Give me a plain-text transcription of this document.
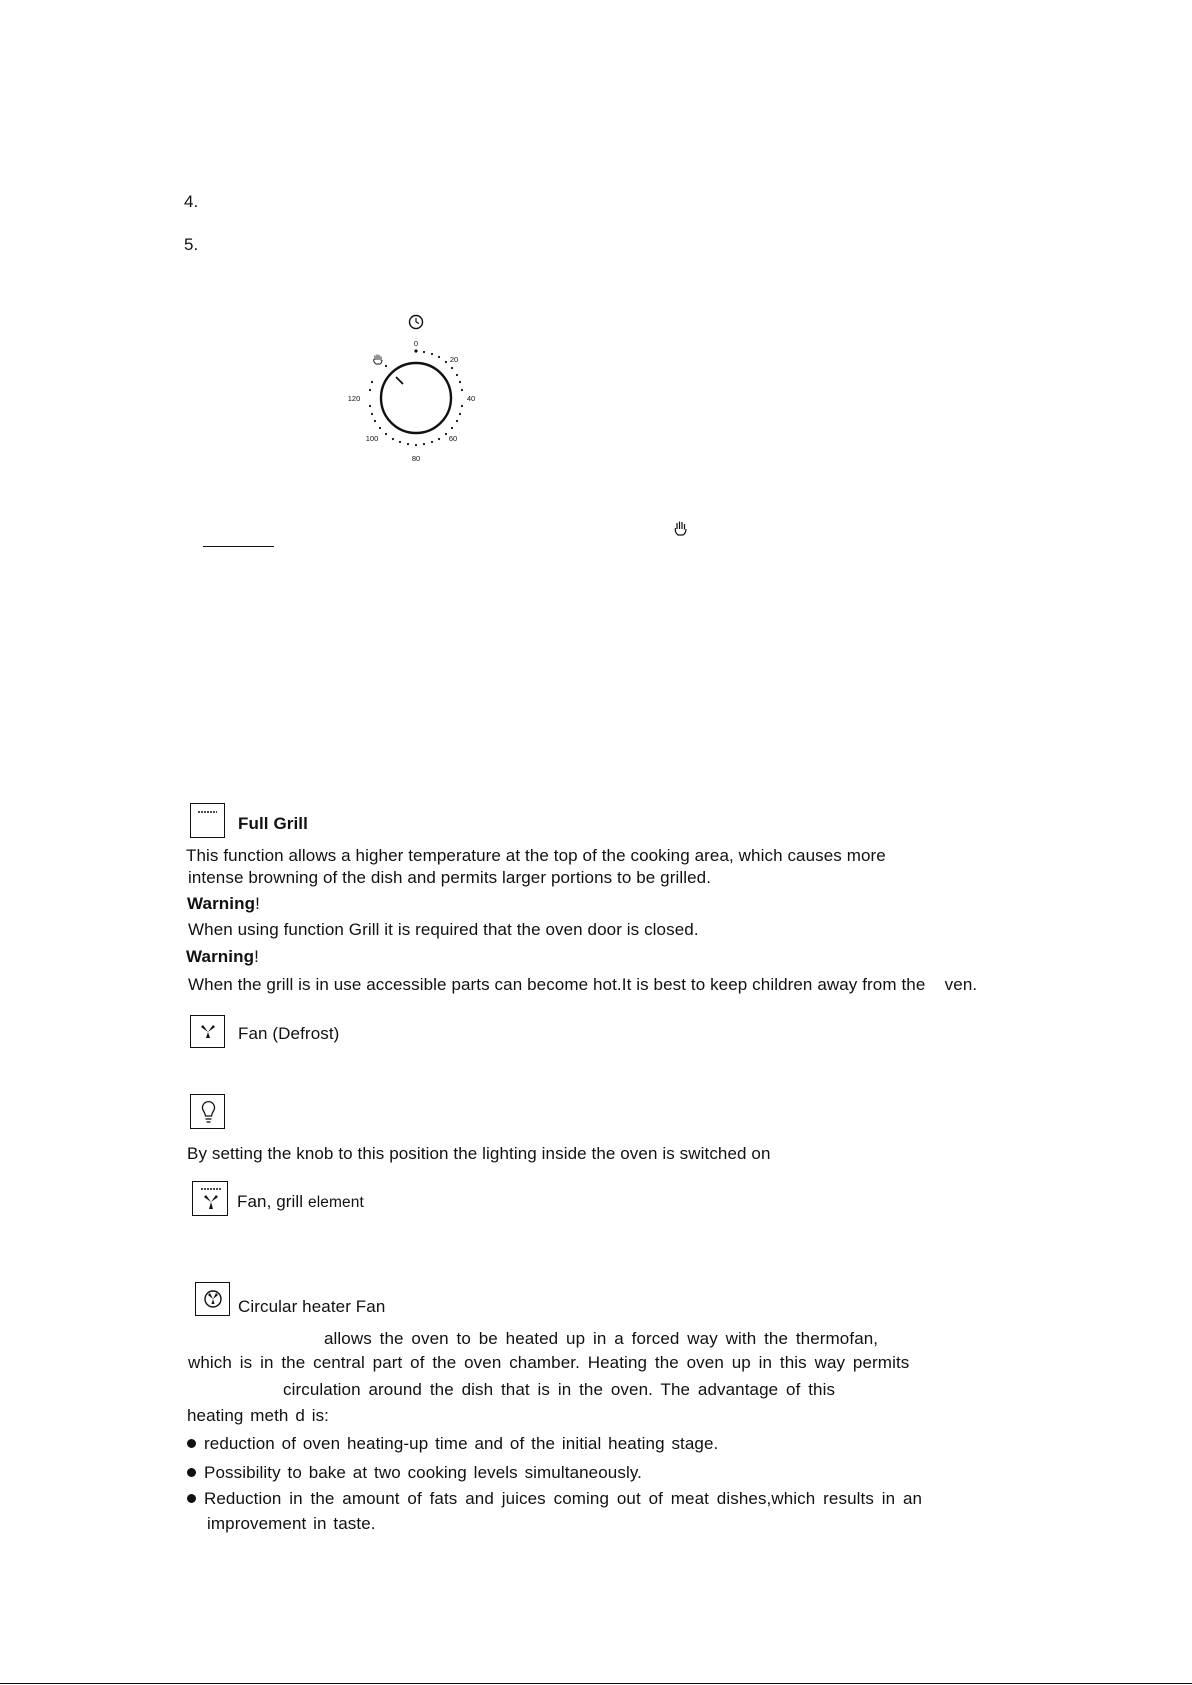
4.
5.
0
20
40
60
80
100
120
Full Grill
This function allows a higher temperature at the top of the cooking area, which causes more
intense browning of the dish and permits larger portions to be grilled.
Warning!
When using function Grill it is required that the oven door is closed.
Warning!
When the grill is in use accessible parts can become hot.It is best to keep children away from the    ven.
Fan (Defrost)
By setting the knob to this position the lighting inside the oven is switched on
Fan, grill element
Circular heater Fan
allows the oven to be heated up in a forced way with the thermofan,
which is in the central part of the oven chamber. Heating the oven up in this way permits
circulation around the dish that is in the oven. The advantage of this
heating meth d is:
reduction of oven heating-up time and of the initial heating stage.
Possibility to bake at two cooking levels simultaneously.
Reduction in the amount of fats and juices coming out of meat dishes,which results in an
improvement in taste.
